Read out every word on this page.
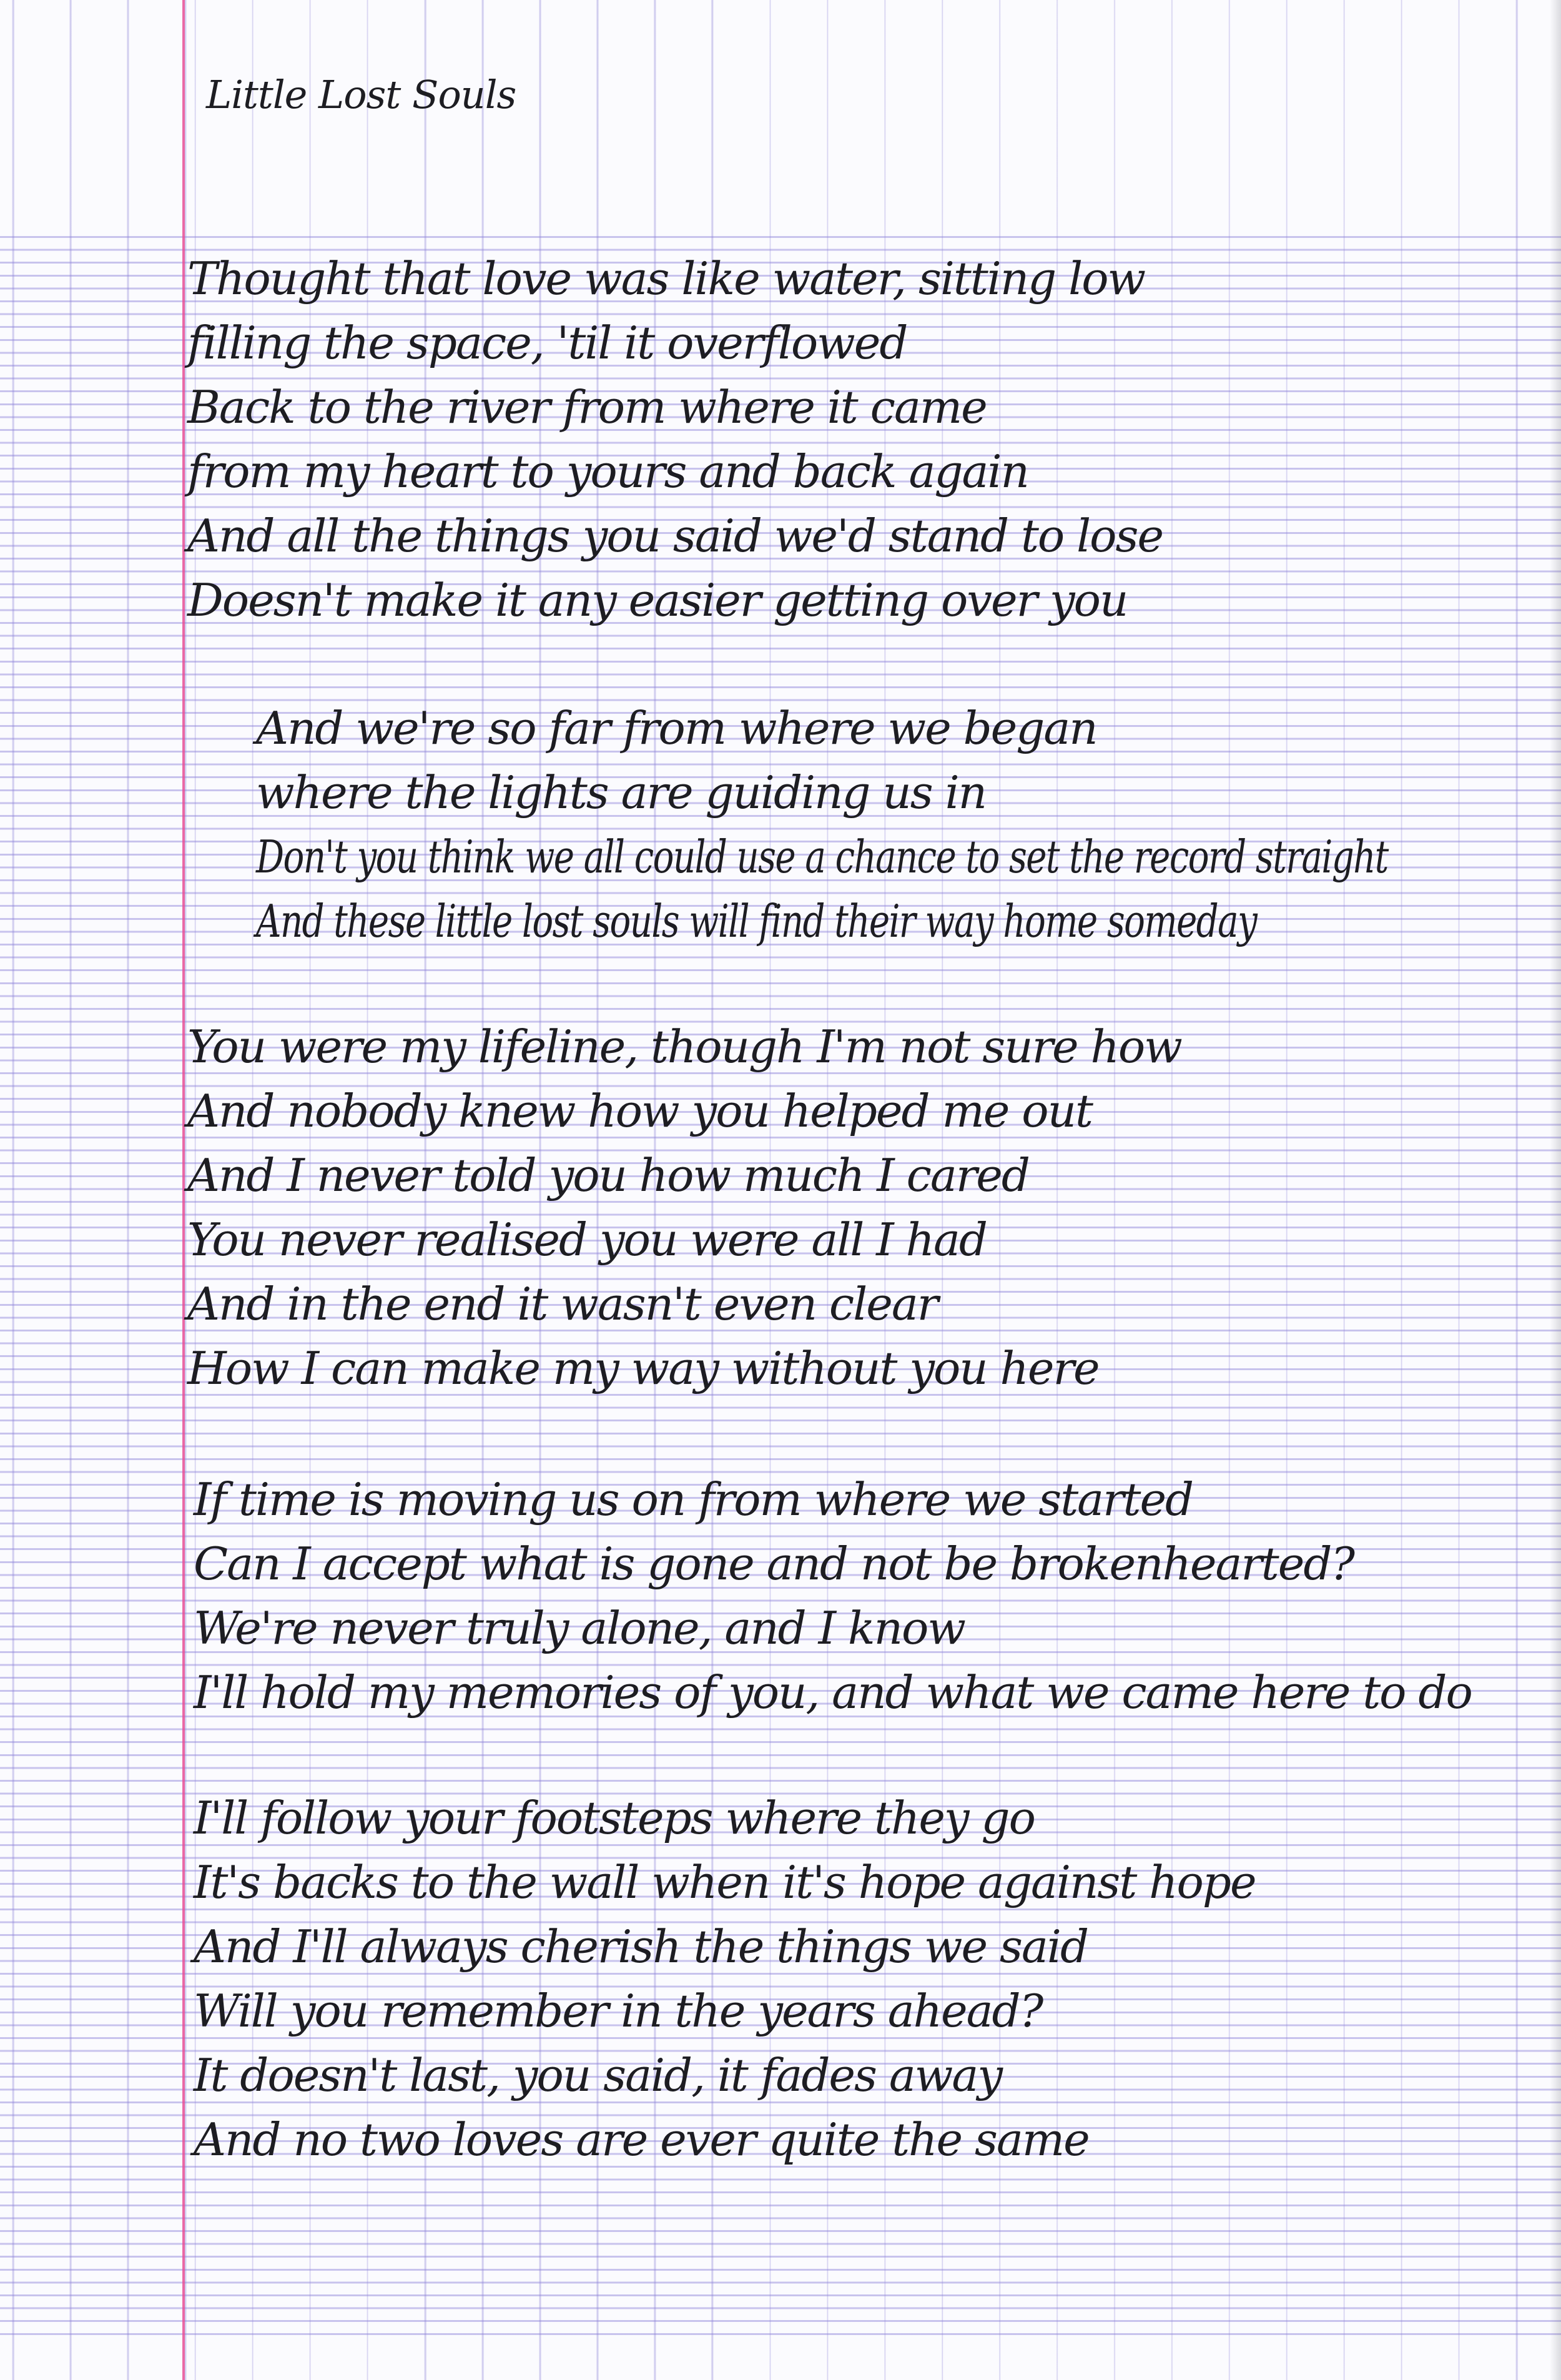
Little Lost Souls
Thought that love was like water, sitting low
filling the space, 'til it overflowed
Back to the river from where it came
from my heart to yours and back again
And all the things you said we'd stand to lose
Doesn't make it any easier getting over you
And we're so far from where we began
where the lights are guiding us in
Don't you think we all could use a chance to set the record straight
And these little lost souls will find their way home someday
You were my lifeline, though I'm not sure how
And nobody knew how you helped me out
And I never told you how much I cared
You never realised you were all I had
And in the end it wasn't even clear
How I can make my way without you here
If time is moving us on from where we started
Can I accept what is gone and not be brokenhearted?
We're never truly alone, and I know
I'll hold my memories of you, and what we came here to do
I'll follow your footsteps where they go
It's backs to the wall when it's hope against hope
And I'll always cherish the things we said
Will you remember in the years ahead?
It doesn't last, you said, it fades away
And no two loves are ever quite the same
